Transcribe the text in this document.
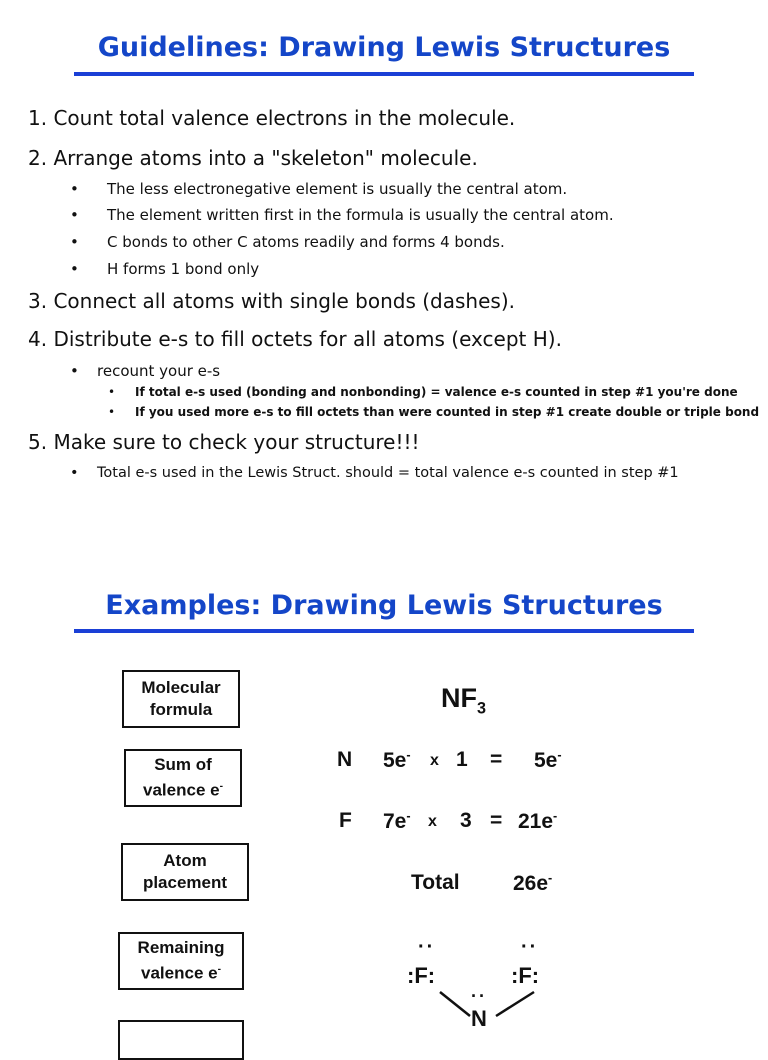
Guidelines: Drawing Lewis Structures
1. Count total valence electrons in the molecule.
2. Arrange atoms into a "skeleton" molecule.
• The less electronegative element is usually the central atom.
• The element written first in the formula is usually the central atom.
• C bonds to other C atoms readily and forms 4 bonds.
• H forms 1 bond only
3. Connect all atoms with single bonds (dashes).
4. Distribute e-s to fill octets for all atoms (except H).
• recount your e-s
• If total e-s used (bonding and nonbonding) = valence e-s counted in step #1 you're done
• If you used more e-s to fill octets than were counted in step #1 create double or triple bond
5. Make sure to check your structure!!!
• Total e-s used in the Lewis Struct. should = total valence e-s counted in step #1
Examples: Drawing Lewis Structures
Molecular
formula
Sum of
valence e-
Atom
placement
Remaining
valence e-
$NF_3$
N 5e- x 1 = 5e-
F 7e- x 3 = 21e-
Total	26e-
··	··
:F:	:F:
··
N
